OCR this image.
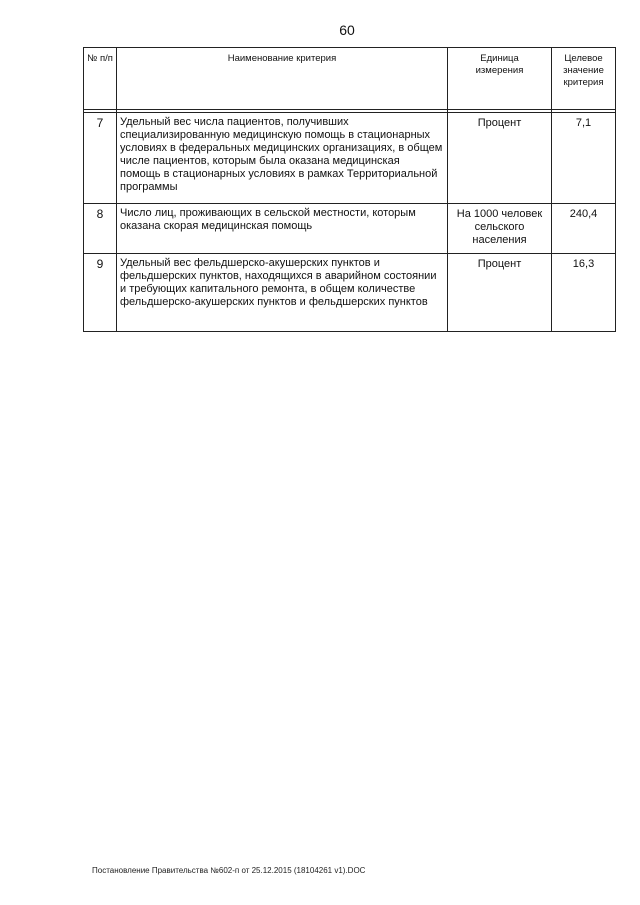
60
№ п/п	Наименование критерия	Единица измерения	Целевое значение критерия

7	Удельный вес числа пациентов, получивших специализированную медицинскую помощь в стационарных условиях в федеральных медицинских организациях, в общем числе пациентов, которым была оказана медицинская помощь в стационарных условиях в рамках Территориальной программы	Процент	7,1
8	Число лиц, проживающих в сельской местности, которым оказана скорая медицинская помощь	На 1000 человек сельского населения	240,4
9	Удельный вес фельдшерско-акушерских пунктов и фельдшерских пунктов, находящихся в аварийном состоянии и требующих капитального ремонта, в общем количестве фельдшерско-акушерских пунктов и фельдшерских пунктов	Процент	16,3
Постановление Правительства №602-п от 25.12.2015 (18104261 v1).DOC
